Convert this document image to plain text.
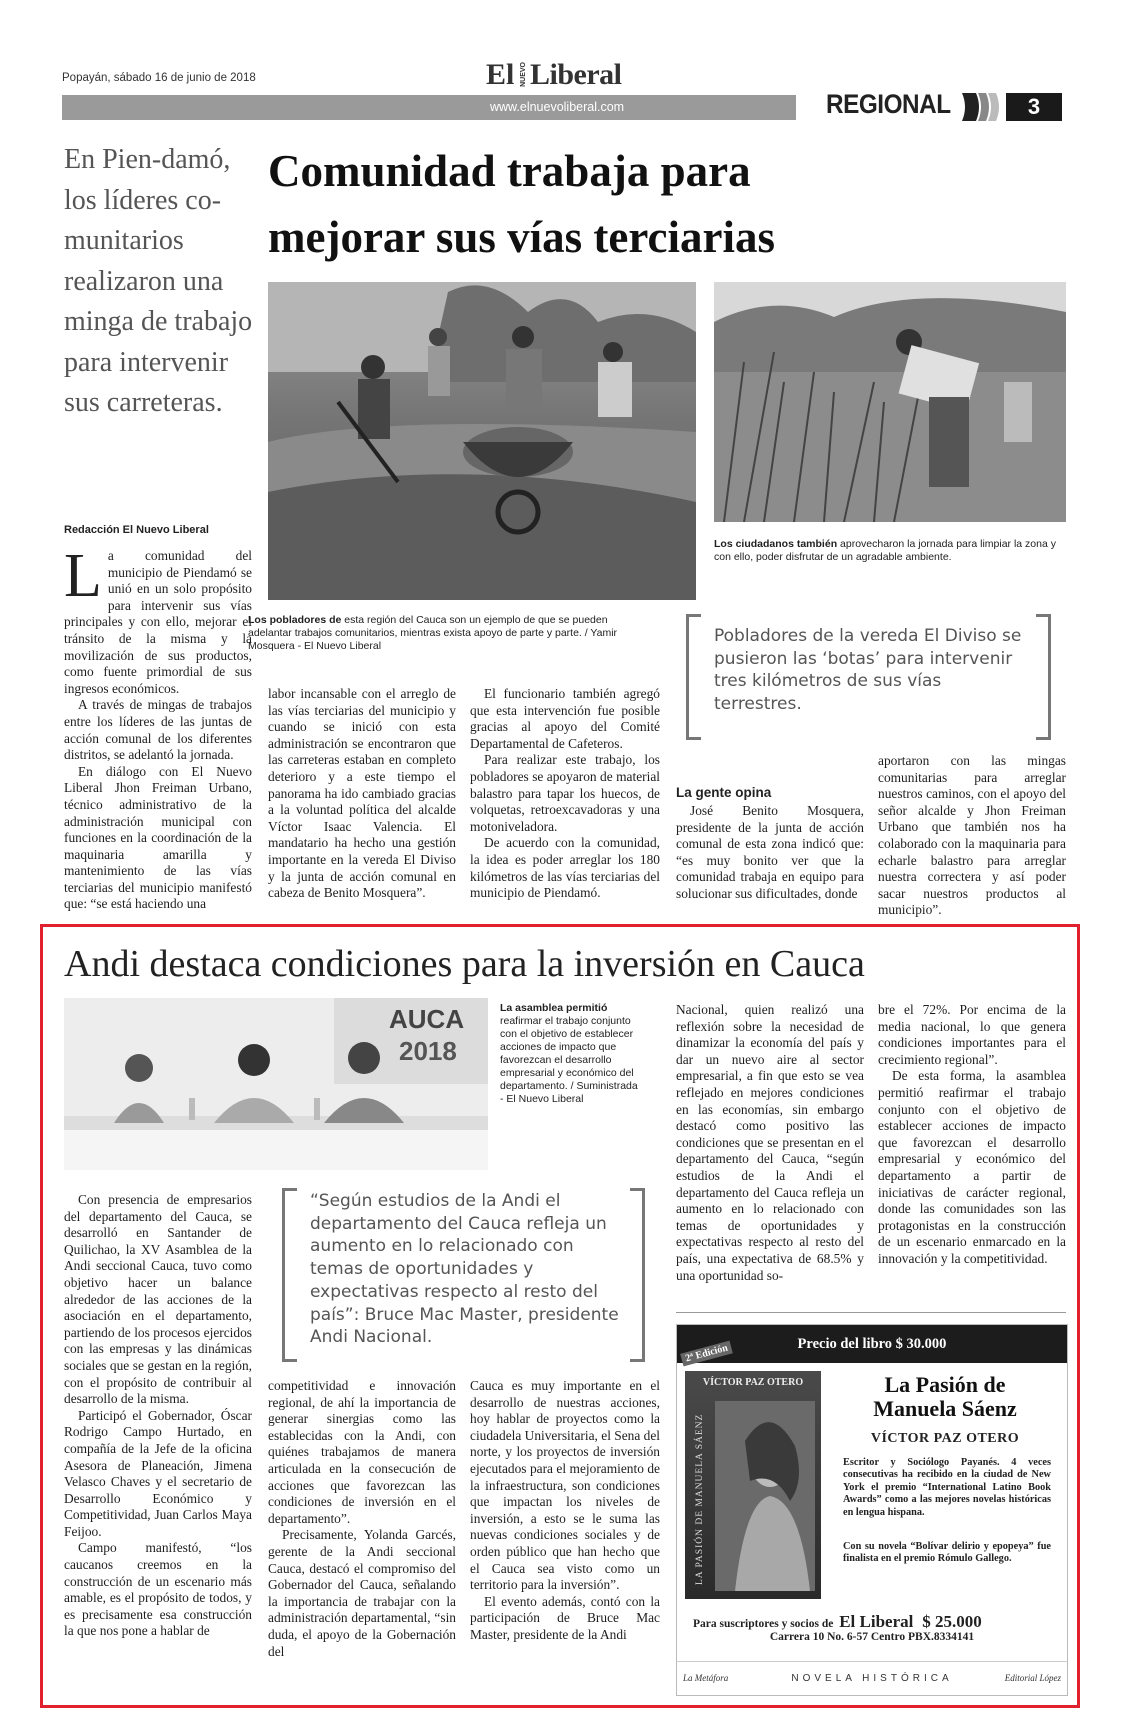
Popayán, sábado 16 de junio de 2018	El NUEVO Liberal
www.elnuevoliberal.com	REGIONAL	3
En Pien-damó, los líderes co-munitarios realizaron una minga de trabajo para intervenir sus carreteras.
Comunidad trabaja para
mejorar sus vías terciarias
Los pobladores de esta región del Cauca son un ejemplo de que se pueden adelantar trabajos comunitarios, mientras exista apoyo de parte y parte. / Yamir Mosquera - El Nuevo Liberal
Los ciudadanos también aprovecharon la jornada para limpiar la zona y con ello, poder disfrutar de un agradable ambiente.
Redacción El Nuevo Liberal
L a comunidad del municipio de Piendamó se unió en un solo propósito para intervenir sus vías principales y con ello, mejorar el tránsito de la misma y la movilización de sus productos, como fuente primordial de sus ingresos económicos.

A través de mingas de trabajos entre los líderes de las juntas de acción comunal de los diferentes distritos, se adelantó la jornada.

En diálogo con El Nuevo Liberal Jhon Freiman Urbano, técnico administrativo de la administración municipal con funciones en la coordinación de la maquinaria amarilla y mantenimiento de las vías terciarias del municipio manifestó que: “se está haciendo una

labor incansable con el arreglo de las vías terciarias del municipio y cuando se inició con esta administración se encontraron que las carreteras estaban en completo deterioro y a este tiempo el panorama ha ido cambiado gracias a la voluntad política del alcalde Víctor Isaac Valencia. El mandatario ha hecho una gestión importante en la vereda El Diviso y la junta de acción comunal en cabeza de Benito Mosquera”.

El funcionario también agregó que esta intervención fue posible gracias al apoyo del Comité Departamental de Cafeteros.

Para realizar este trabajo, los pobladores se apoyaron de material balastro para tapar los huecos, de volquetas, retroexcavadoras y una motoniveladora.

De acuerdo con la comunidad, la idea es poder arreglar los 180 kilómetros de las vías terciarias del municipio de Piendamó.

Pobladores de la vereda El Diviso se pusieron las ‘botas’ para intervenir tres kilómetros de sus vías terrestres.
La gente opina

José Benito Mosquera, presidente de la junta de acción comunal de esta zona indicó que: “es muy bonito ver que la comunidad trabaja en equipo para solucionar sus dificultades, donde

aportaron con las mingas comunitarias para arreglar nuestros caminos, con el apoyo del señor alcalde y Jhon Freiman Urbano que también nos ha colaborado con la maquinaria para echarle balastro para arreglar nuestra correctera y así poder sacar nuestros productos al municipio”.

Andi destaca condiciones para la inversión en Cauca
AUCA
2018
La asamblea permitió reafirmar el trabajo conjunto con el objetivo de establecer acciones de impacto que favorezcan el desarrollo empresarial y económico del departamento. / Suministrada - El Nuevo Liberal
“Según estudios de la Andi el departamento del Cauca refleja un aumento en lo relacionado con temas de oportunidades y expectativas respecto al resto del país”: Bruce Mac Master, presidente Andi Nacional.

Con presencia de empresarios del departamento del Cauca, se desarrolló en Santander de Quilichao, la XV Asamblea de la Andi seccional Cauca, tuvo como objetivo hacer un balance alrededor de las acciones de la asociación en el departamento, partiendo de los procesos ejercidos con las empresas y las dinámicas sociales que se gestan en la región, con el propósito de contribuir al desarrollo de la misma.

Participó el Gobernador, Óscar Rodrigo Campo Hurtado, en compañía de la Jefe de la oficina Asesora de Planeación, Jimena Velasco Chaves y el secretario de Desarrollo Económico y Competitividad, Juan Carlos Maya Feijoo.

Campo manifestó, “los caucanos creemos en la construcción de un escenario más amable, es el propósito de todos, y es precisamente esa construcción la que nos pone a hablar de

competitividad e innovación regional, de ahí la importancia de generar sinergias como las establecidas con la Andi, con quiénes trabajamos de manera articulada en la consecución de acciones que favorezcan las condiciones de inversión en el departamento”.

Precisamente, Yolanda Garcés, gerente de la Andi seccional Cauca, destacó el compromiso del Gobernador del Cauca, señalando la importancia de trabajar con la administración departamental, “sin duda, el apoyo de la Gobernación del

Cauca es muy importante en el desarrollo de nuestras acciones, hoy hablar de proyectos como la ciudadela Universitaria, el Sena del norte, y los proyectos de inversión ejecutados para el mejoramiento de la infraestructura, son condiciones que impactan los niveles de inversión, a esto se le suma las nuevas condiciones sociales y de orden público que han hecho que el Cauca sea visto como un territorio para la inversión”.

El evento además, contó con la participación de Bruce Mac Master, presidente de la Andi

Nacional, quien realizó una reflexión sobre la necesidad de dinamizar la economía del país y dar un nuevo aire al sector empresarial, a fin que esto se vea reflejado en mejores condiciones en las economías, sin embargo destacó como positivo las condiciones que se presentan en el departamento del Cauca, “según estudios de la Andi el departamento del Cauca refleja un aumento en lo relacionado con temas de oportunidades y expectativas respecto al resto del país, una expectativa de 68.5% y una oportunidad so-

bre el 72%. Por encima de la media nacional, lo que genera condiciones importantes para el crecimiento regional”.

De esta forma, la asamblea permitió reafirmar el trabajo conjunto con el objetivo de establecer acciones de impacto que favorezcan el desarrollo empresarial y económico del departamento a partir de iniciativas de carácter regional, donde las comunidades son las protagonistas en la construcción de un escenario enmarcado en la innovación y la competitividad.

Precio del libro $ 30.000
2ª Edición
VÍCTOR PAZ OTERO
LA PASIÓN DE MANUELA SÁENZ
La Pasión de
Manuela Sáenz
VÍCTOR PAZ OTERO
Escritor y Sociólogo Payanés. 4 veces consecutivas ha recibido en la ciudad de New York el premio “International Latino Book Awards” como a las mejores novelas históricas en lengua hispana.
Con su novela “Bolívar delirio y epopeya” fue finalista en el premio Rómulo Gallego.
Para suscriptores y socios de El Liberal $ 25.000
Carrera 10 No. 6-57 Centro PBX.8334141
La Metáfora	NOVELA HISTÓRICA	Editorial López
